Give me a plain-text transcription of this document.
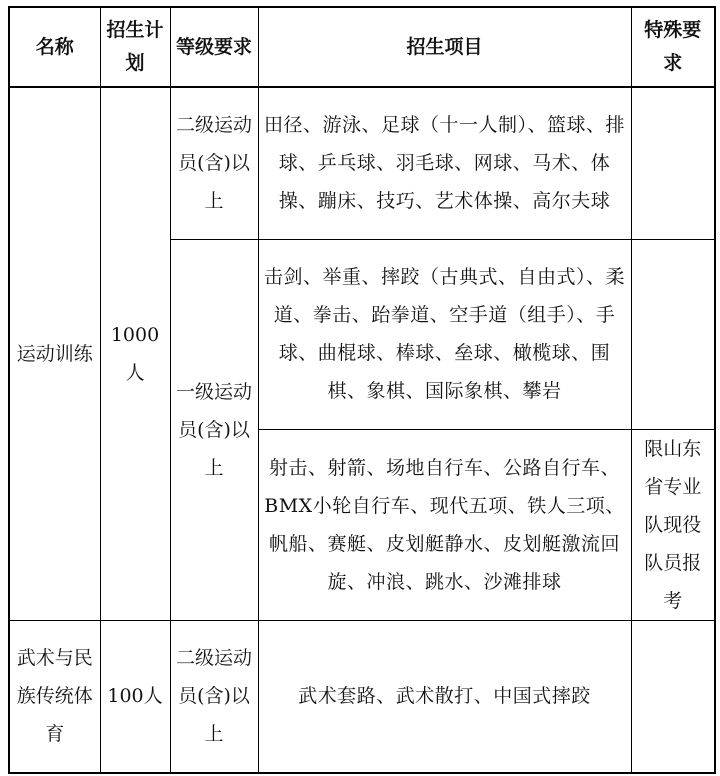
名称	招生计划	等级要求	招生项目	特殊要求
运动训练	1000人	二级运动员(含)以上	田径、游泳、足球（十一人制）、篮球、排球、乒乓球、羽毛球、网球、马术、体操、蹦床、技巧、艺术体操、高尔夫球	
		一级运动员(含)以上	击剑、举重、摔跤（古典式、自由式）、柔道、拳击、跆拳道、空手道（组手）、手球、曲棍球、棒球、垒球、橄榄球、围棋、象棋、国际象棋、攀岩	
			射击、射箭、场地自行车、公路自行车、BMX小轮自行车、现代五项、铁人三项、帆船、赛艇、皮划艇静水、皮划艇激流回旋、冲浪、跳水、沙滩排球	限山东省专业队现役队员报考
武术与民族传统体育	100人	二级运动员(含)以上	武术套路、武术散打、中国式摔跤	
